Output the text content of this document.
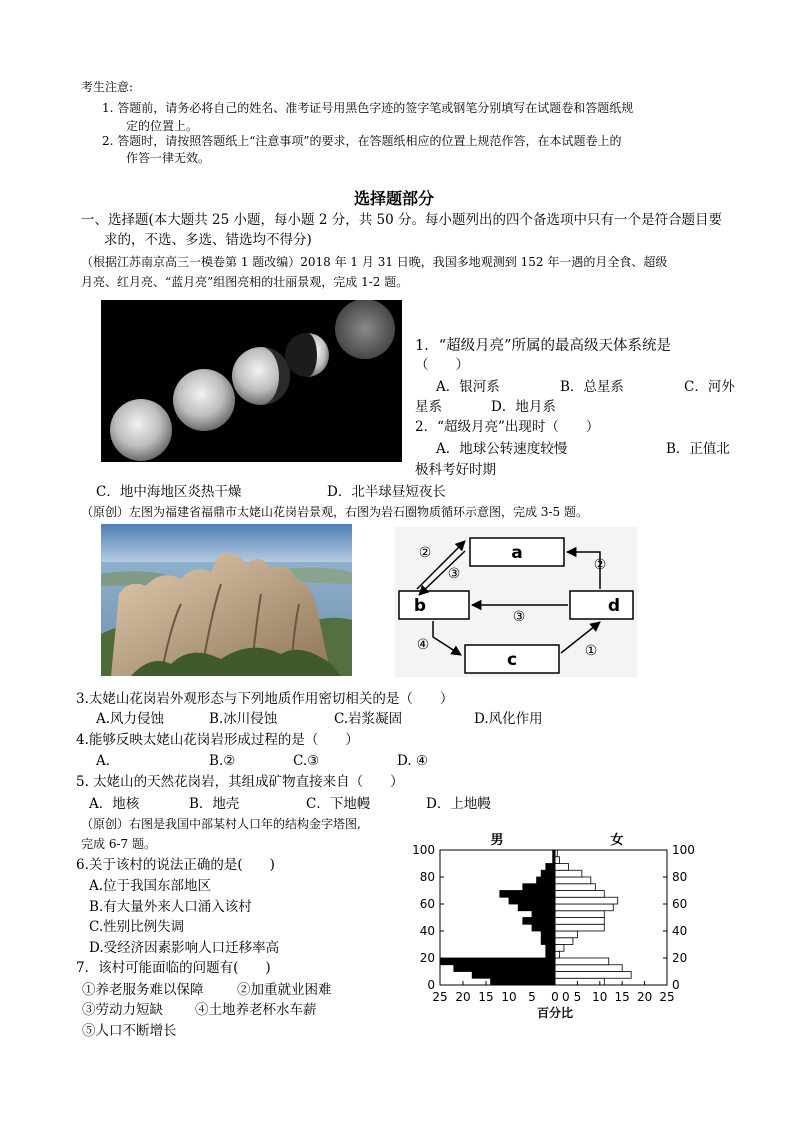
考生注意:
1. 答题前，请务必将自己的姓名、准考证号用黑色字迹的签字笔或钢笔分别填写在试题卷和答题纸规
定的位置上。
2. 答题时，请按照答题纸上“注意事项”的要求，在答题纸相应的位置上规范作答，在本试题卷上的
作答一律无效。
选择题部分
一、选择题(本大题共 25 小题，每小题 2 分，共 50 分。每小题列出的四个备选项中只有一个是符合题目要
求的，不选、多选、错选均不得分)
（根据江苏南京高三一模卷第 1 题改编）2018 年 1 月 31 日晚，我国多地观测到 152 年一遇的月全食、超级
月亮、红月亮、“蓝月亮”组图亮相的壮丽景观，完成 1-2 题。
1．“超级月亮”所属的最高级天体系统是
（　　）
A．银河系	B．总星系	C．河外
星系	D．地月系
2．“超级月亮”出现时（　　）
A．地球公转速度较慢	B．正值北
极科考好时期
C．地中海地区炎热干燥	D．北半球昼短夜长
（原创）左图为福建省福鼎市太姥山花岗岩景观，右图为岩石圈物质循环示意图，完成 3-5 题。
a
b	d
c
②
③
②
③
④	①
3.太姥山花岗岩外观形态与下列地质作用密切相关的是（　　）
A.风力侵蚀	B.冰川侵蚀	C.岩浆凝固	D.风化作用
4.能够反映太姥山花岗岩形成过程的是（　　）
A.	B.②	C.③	D. ④
5. 太姥山的天然花岗岩，其组成矿物直接来自（　　）
A．地核	B．地壳	C．下地幔	D．上地幔
（原创）右图是我国中部某村人口年的结构金字塔图,
完成 6-7 题。
6.关于该村的说法正确的是(　　)
A.位于我国东部地区
B.有大量外来人口涌入该村
C.性别比例失调
D.受经济因素影响人口迁移率高
7．该村可能面临的问题有(　　)
①养老服务难以保障 ②加重就业困难
③劳动力短缺 ④土地养老杯水车薪
⑤人口不断增长
0	0
20	20
40	40
60	60
80	80
100	100
25 20 15 10 5 0 5 10 15 20 25
0
男	女
百分比
